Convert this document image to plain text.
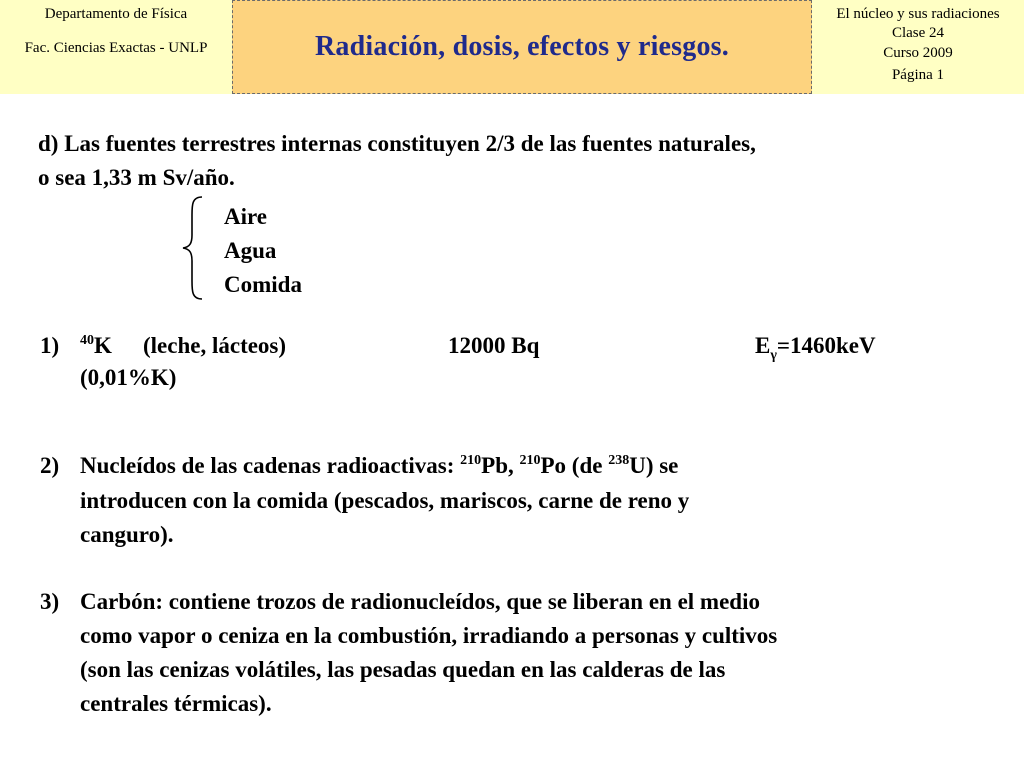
Departamento de Física
Fac. Ciencias Exactas - UNLP	Radiación, dosis, efectos y riesgos.
El núcleo y sus radiaciones
Clase 24
Curso 2009
Página 1
d) Las fuentes terrestres internas constituyen 2/3 de las fuentes naturales,
o sea 1,33 m Sv/año.
Aire
Agua
Comida
1) $^{40}$K (leche, lácteos)	12000 Bq	$E_\gamma=1460keV$
(0,01%K)
2) Nucleídos de las cadenas radioactivas: $^{210}$Pb, $^{210}$Po (de $^{238}$U) se
introducen con la comida (pescados, mariscos, carne de reno y
canguro).
3) Carbón: contiene trozos de radionucleídos, que se liberan en el medio
como vapor o ceniza en la combustión, irradiando a personas y cultivos
(son las cenizas volátiles, las pesadas quedan en las calderas de las
centrales térmicas).
